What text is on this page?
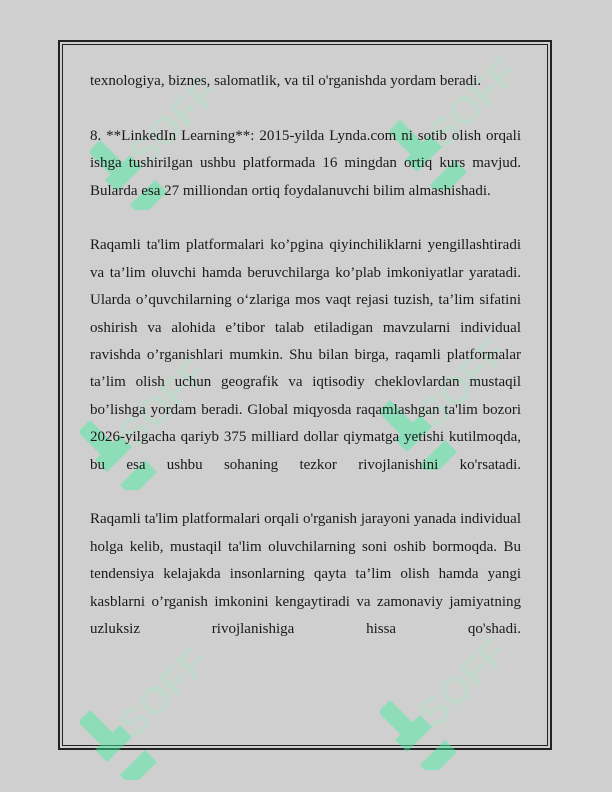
SOFF	SOFF
SOFF	SOFF
SOFF	SOFF

texnologiya, biznes, salomatlik, va til o'rganishda yordam beradi.

8. **LinkedIn Learning**: 2015-yilda Lynda.com ni sotib olish orqali ishga tushirilgan ushbu platformada 16 mingdan ortiq kurs mavjud. Bularda esa 27 milliondan ortiq foydalanuvchi bilim almashishadi.

Raqamli ta'lim platformalari ko’pgina qiyinchiliklarni yengillashtiradi va ta’lim oluvchi hamda beruvchilarga ko’plab imkoniyatlar yaratadi. Ularda o’quvchilarning o‘zlariga mos vaqt rejasi tuzish, ta’lim sifatini oshirish va alohida e’tibor talab etiladigan mavzularni individual ravishda o’rganishlari mumkin. Shu bilan birga, raqamli platformalar ta’lim olish uchun geografik va iqtisodiy cheklovlardan mustaqil bo’lishga yordam beradi. Global miqyosda raqamlashgan ta'lim bozori 2026-yilgacha qariyb 375 milliard dollar qiymatga yetishi kutilmoqda, bu esa ushbu sohaning tezkor rivojlanishini ko'rsatadi.

Raqamli ta'lim platformalari orqali o'rganish jarayoni yanada individual holga kelib, mustaqil ta'lim oluvchilarning soni oshib bormoqda. Bu tendensiya kelajakda insonlarning qayta ta’lim olish hamda yangi kasblarni o’rganish imkonini kengaytiradi va zamonaviy jamiyatning uzluksiz rivojlanishiga hissa qo'shadi.
